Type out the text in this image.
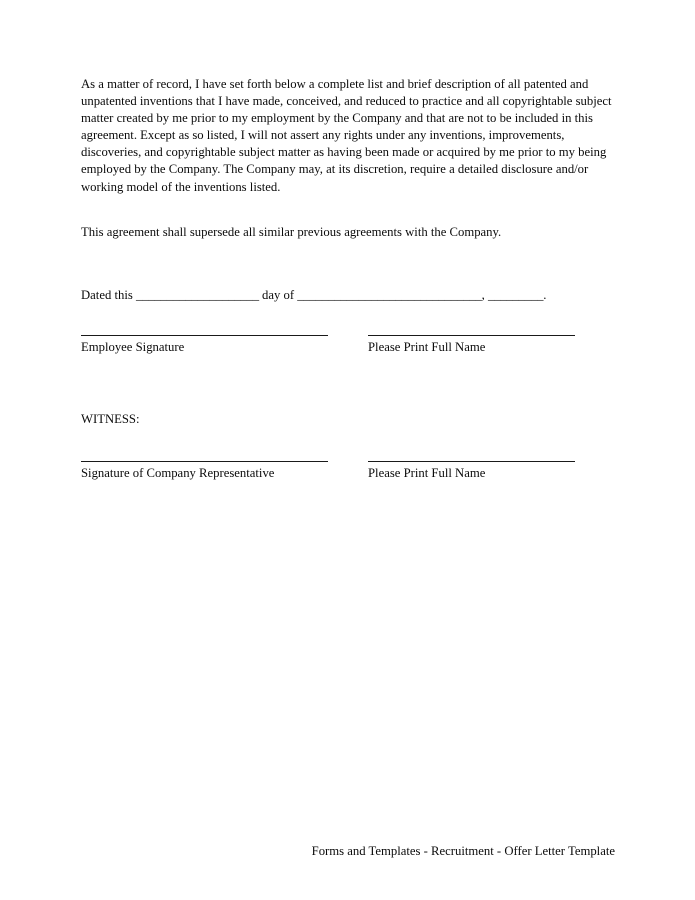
As a matter of record, I have set forth below a complete list and brief description of all patented and unpatented inventions that I have made, conceived, and reduced to practice and all copyrightable subject matter created by me prior to my employment by the Company and that are not to be included in this agreement. Except as so listed, I will not assert any rights under any inventions, improvements, discoveries, and copyrightable subject matter as having been made or acquired by me prior to my being employed by the Company. The Company may, at its discretion, require a detailed disclosure and/or working model of the inventions listed.

This agreement shall supersede all similar previous agreements with the Company.

Dated this ____________________ day of ______________________________, _________.
Employee Signature	Please Print Full Name
WITNESS:
Signature of Company Representative	Please Print Full Name
Forms and Templates - Recruitment - Offer Letter Template
